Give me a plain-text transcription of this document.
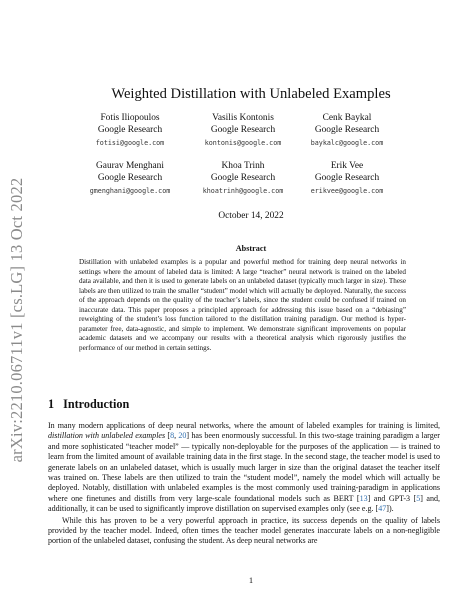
arXiv:2210.06711v1 [cs.LG] 13 Oct 2022
Weighted Distillation with Unlabeled Examples
Fotis Iliopoulos
Google Research
fotisi@google.com
Vasilis Kontonis
Google Research
kontonis@google.com
Cenk Baykal
Google Research
baykalc@google.com
Gaurav Menghani
Google Research
gmenghani@google.com
Khoa Trinh
Google Research
khoatrinh@google.com
Erik Vee
Google Research
erikvee@google.com
October 14, 2022
Abstract
Distillation with unlabeled examples is a popular and powerful method for training deep neural networks in settings where the amount of labeled data is limited: A large “teacher” neural network is trained on the labeled data available, and then it is used to generate labels on an unlabeled dataset (typically much larger in size). These labels are then utilized to train the smaller “student” model which will actually be deployed. Naturally, the success of the approach depends on the quality of the teacher’s labels, since the student could be confused if trained on inaccurate data. This paper proposes a principled approach for addressing this issue based on a “debiasing” reweighting of the student’s loss function tailored to the distillation training paradigm. Our method is hyper-parameter free, data-agnostic, and simple to implement. We demonstrate significant improvements on popular academic datasets and we accompany our results with a theoretical analysis which rigorously justifies the performance of our method in certain settings.
1 Introduction

In many modern applications of deep neural networks, where the amount of labeled examples for training is limited, distillation with unlabeled examples [8, 20] has been enormously successful. In this two-stage training paradigm a larger and more sophisticated “teacher model” — typically non-deployable for the purposes of the application — is trained to learn from the limited amount of available training data in the first stage. In the second stage, the teacher model is used to generate labels on an unlabeled dataset, which is usually much larger in size than the original dataset the teacher itself was trained on. These labels are then utilized to train the “student model”, namely the model which will actually be deployed. Notably, distillation with unlabeled examples is the most commonly used training-paradigm in applications where one finetunes and distills from very large-scale foundational models such as BERT [13] and GPT-3 [5] and, additionally, it can be used to significantly improve distillation on supervised examples only (see e.g. [47]).

While this has proven to be a very powerful approach in practice, its success depends on the quality of labels provided by the teacher model. Indeed, often times the teacher model generates inaccurate labels on a non-negligible portion of the unlabeled dataset, confusing the student. As deep neural networks are

1
